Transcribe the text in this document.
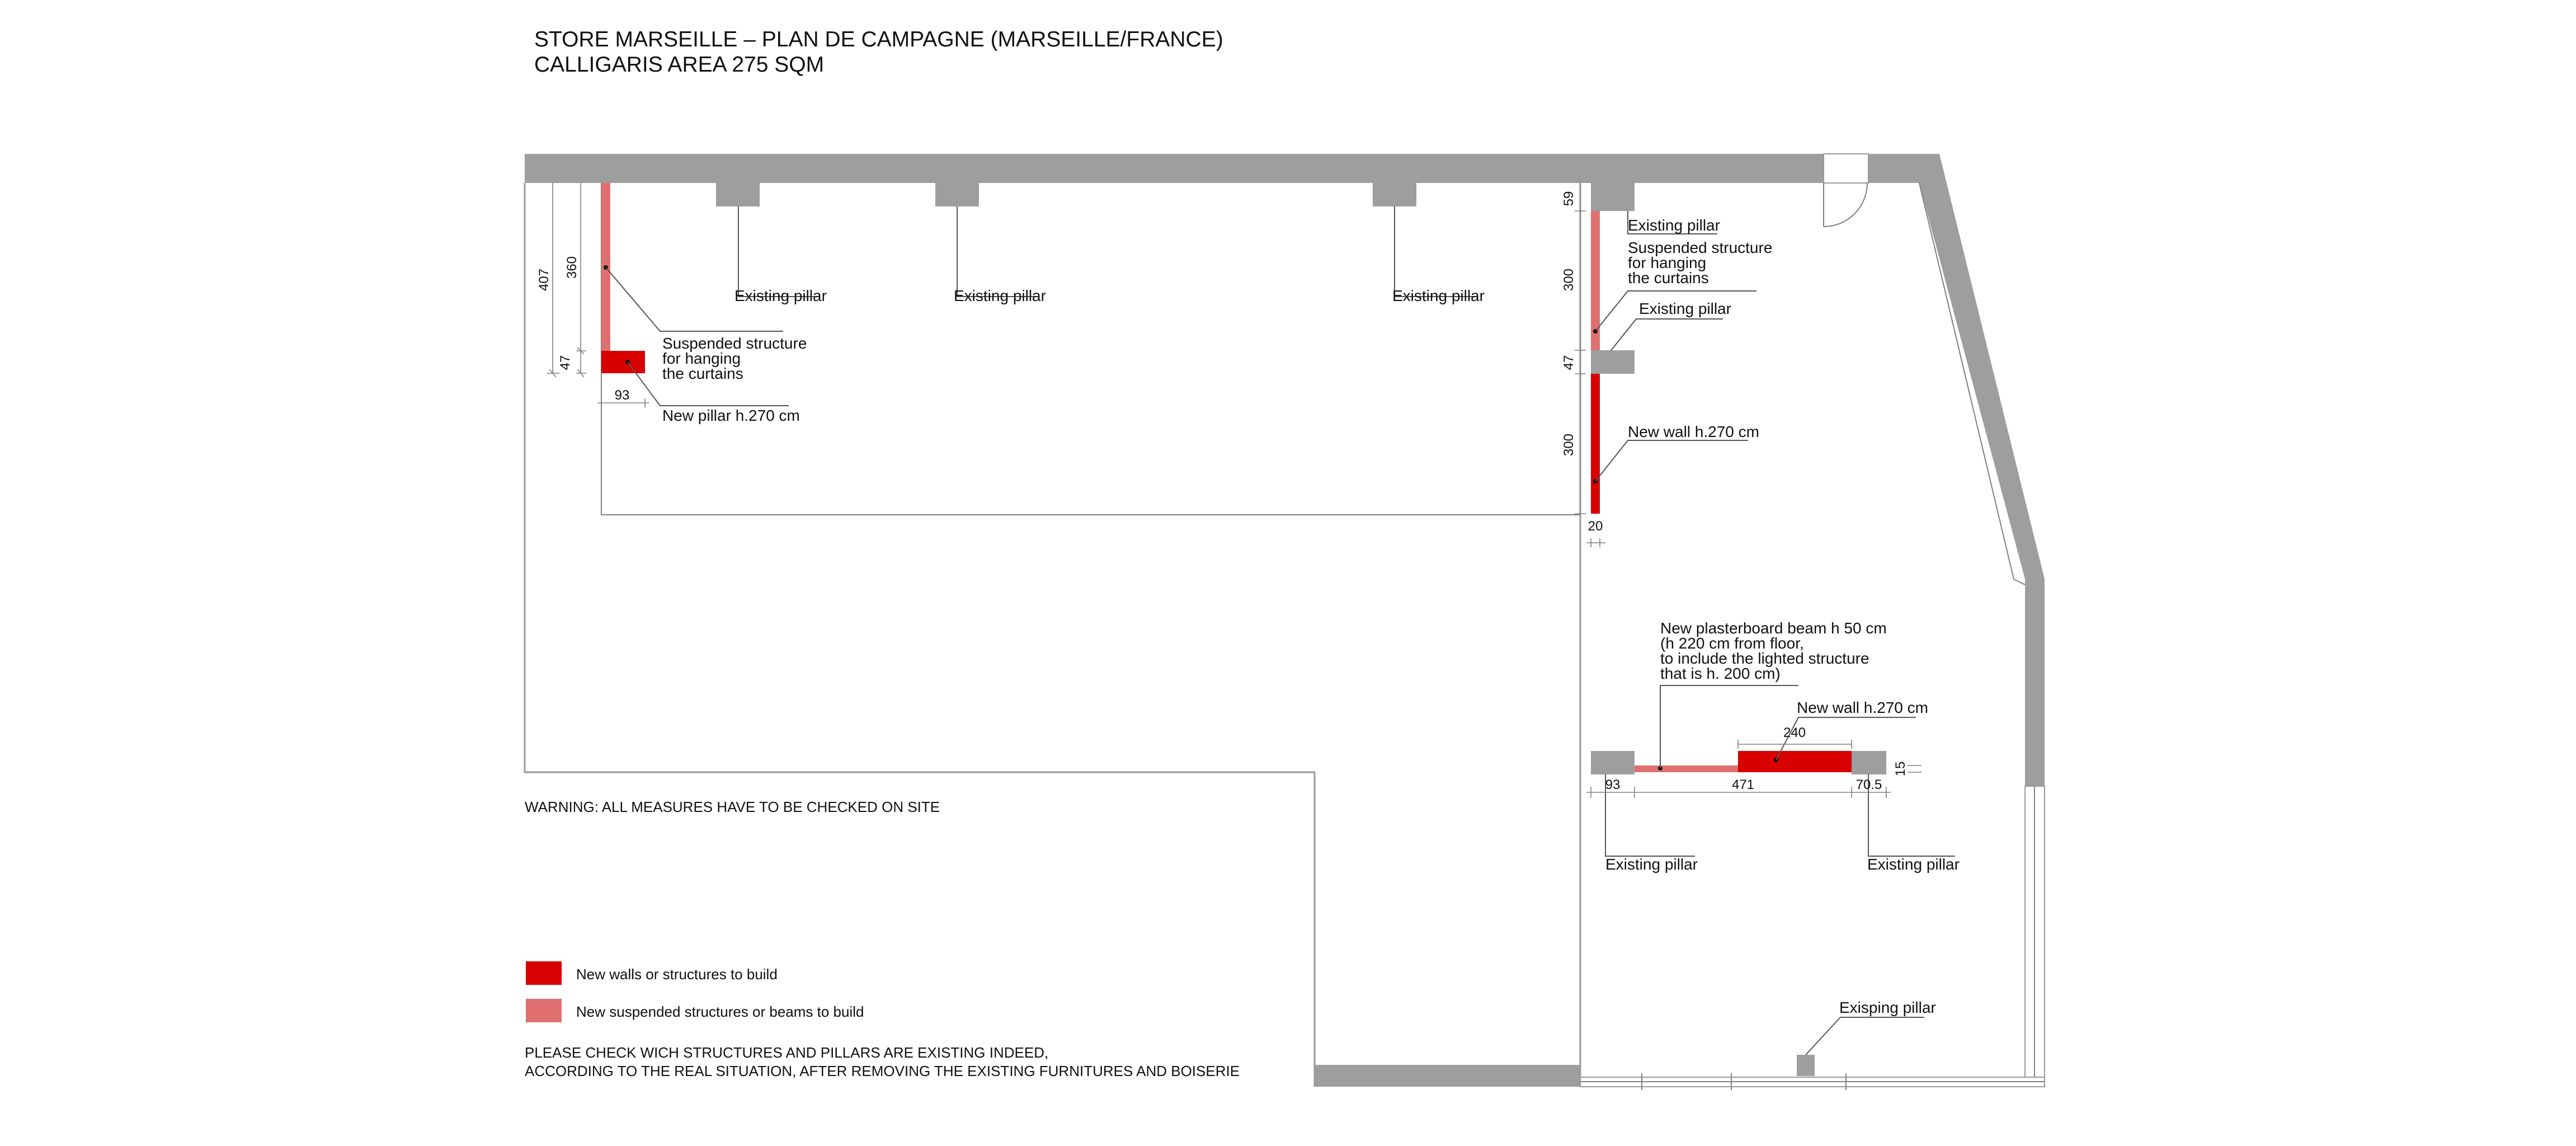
STORE MARSEILLE – PLAN DE CAMPAGNE (MARSEILLE/FRANCE)
CALLIGARIS AREA 275 SQM
Existing pillar	Existing pillar	Existing pillar
Suspended structure
for hanging
the curtains
New pillar h.270 cm
Existing pillar
Suspended structure
for hanging
the curtains
Existing pillar
New wall h.270 cm
New plasterboard beam h 50 cm
(h 220 cm from floor,
to include the lighted structure
that is h. 200 cm)
New wall h.270 cm
Existing pillar	Existing pillar
Exisping pillar
407
360
47
93
59
300
47
300
20
240
15
93	471	70.5
WARNING: ALL MEASURES HAVE TO BE CHECKED ON SITE
New walls or structures to build
New suspended structures or beams to build
PLEASE CHECK WICH STRUCTURES AND PILLARS ARE EXISTING INDEED,
ACCORDING TO THE REAL SITUATION, AFTER REMOVING THE EXISTING FURNITURES AND BOISERIE
